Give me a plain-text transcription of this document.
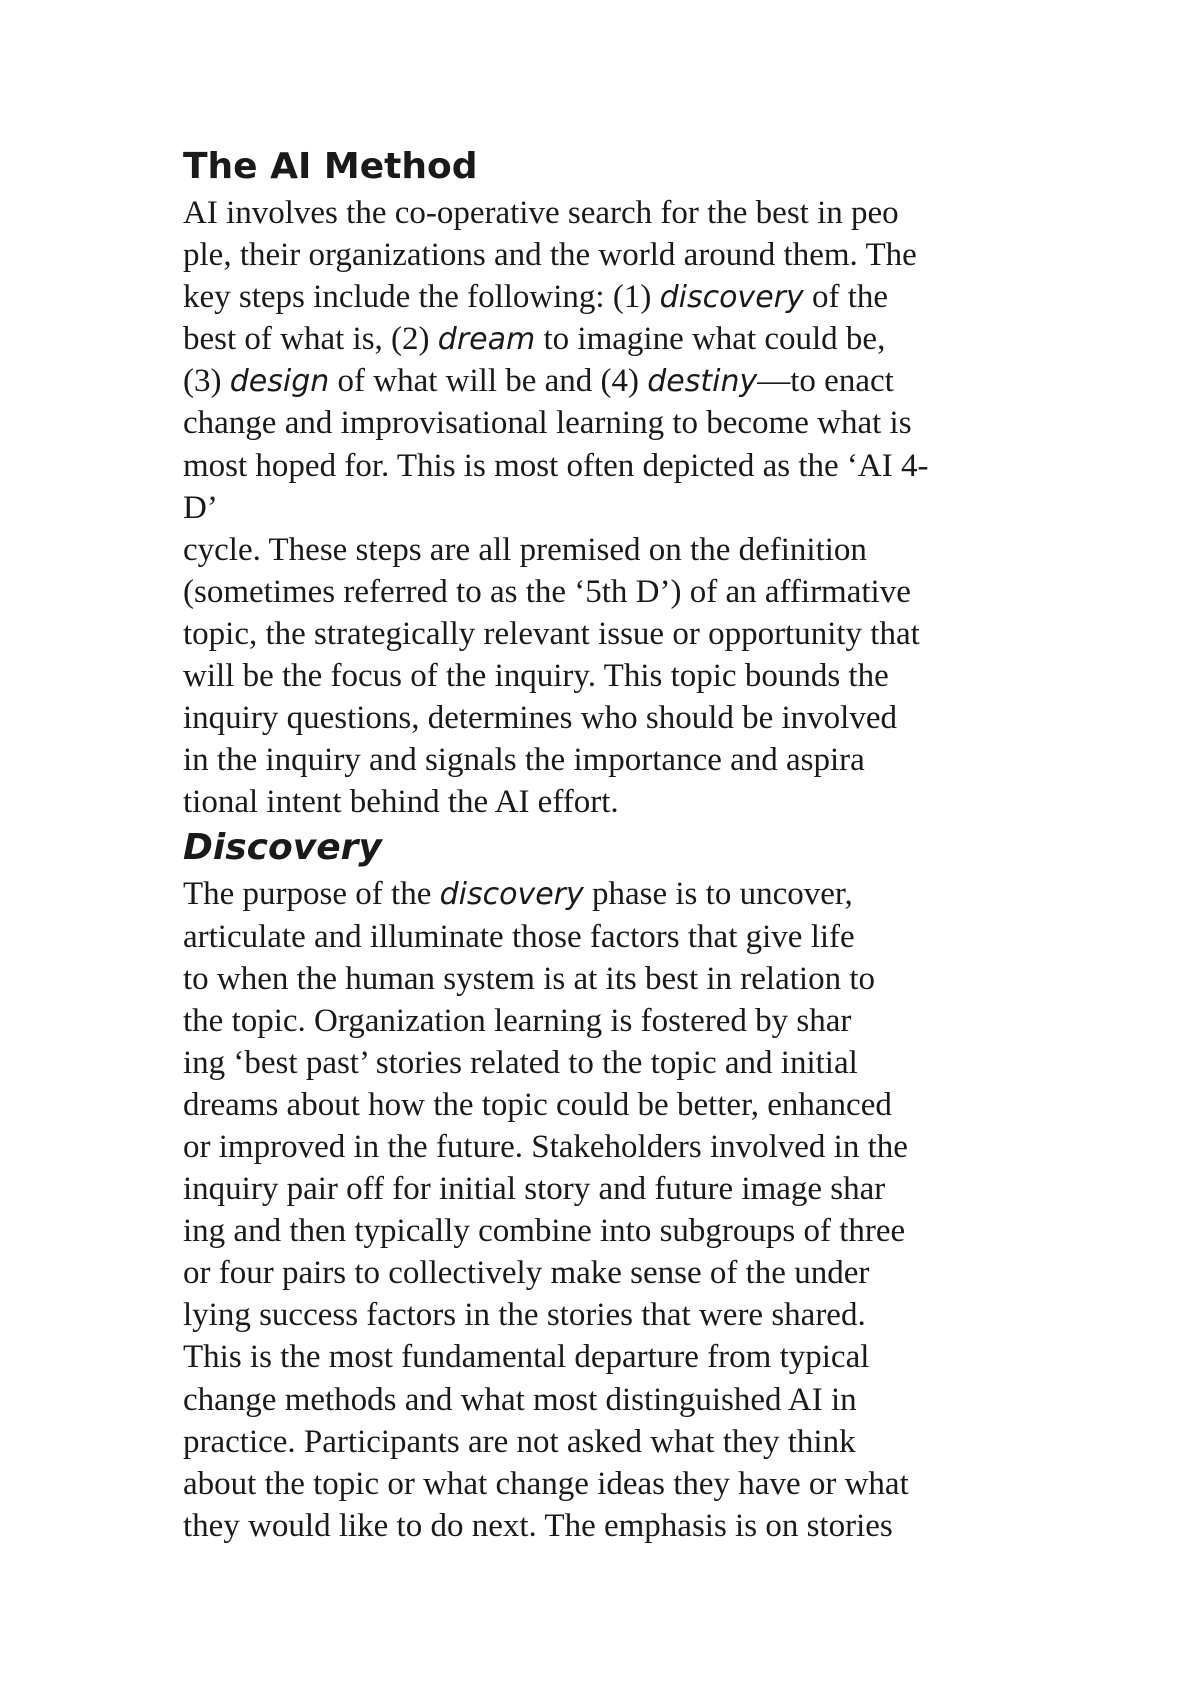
The AI Method
AI involves the co-operative search for the best in peo
ple, their organizations and the world around them. The
key steps include the following: (1) discovery of the
best of what is, (2) dream to imagine what could be,
(3) design of what will be and (4) destiny—to enact
change and improvisational learning to become what is
most hoped for. This is most often depicted as the ‘AI 4-
D’
cycle. These steps are all premised on the definition
(sometimes referred to as the ‘5th D’) of an affirmative
topic, the strategically relevant issue or opportunity that
will be the focus of the inquiry. This topic bounds the
inquiry questions, determines who should be involved
in the inquiry and signals the importance and aspira
tional intent behind the AI effort.
Discovery
The purpose of the discovery phase is to uncover,
articulate and illuminate those factors that give life
to when the human system is at its best in relation to
the topic. Organization learning is fostered by shar
ing ‘best past’ stories related to the topic and initial
dreams about how the topic could be better, enhanced
or improved in the future. Stakeholders involved in the
inquiry pair off for initial story and future image shar
ing and then typically combine into subgroups of three
or four pairs to collectively make sense of the under
lying success factors in the stories that were shared.
This is the most fundamental departure from typical
change methods and what most distinguished AI in
practice. Participants are not asked what they think
about the topic or what change ideas they have or what
they would like to do next. The emphasis is on stories
